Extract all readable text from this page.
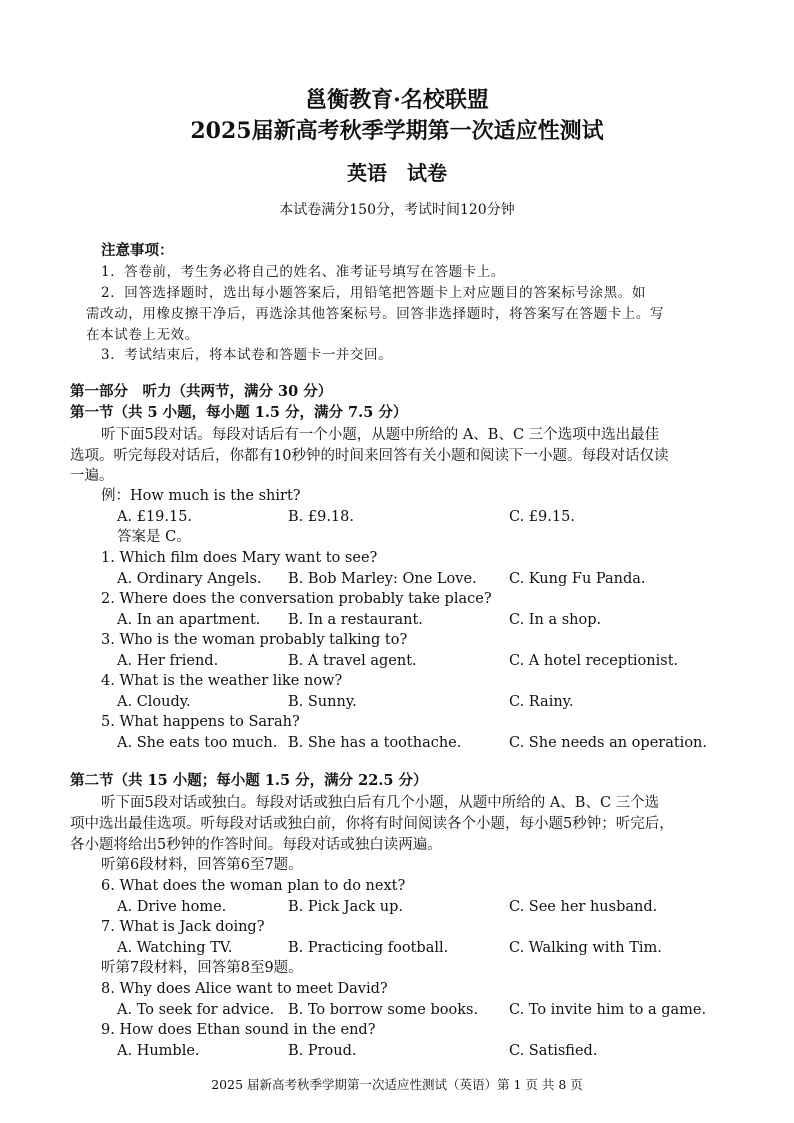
邕衡教育·名校联盟
2025届新高考秋季学期第一次适应性测试
英语　试卷
本试卷满分150分，考试时间120分钟
注意事项：
1．答卷前，考生务必将自己的姓名、准考证号填写在答题卡上。
2．回答选择题时，选出每小题答案后，用铅笔把答题卡上对应题目的答案标号涂黑。如
需改动，用橡皮擦干净后，再选涂其他答案标号。回答非选择题时，将答案写在答题卡上。写
在本试卷上无效。
3．考试结束后，将本试卷和答题卡一并交回。
第一部分　听力（共两节，满分 30 分）
第一节（共 5 小题，每小题 1.5 分，满分 7.5 分）
听下面5段对话。每段对话后有一个小题，从题中所给的 A、B、C 三个选项中选出最佳
选项。听完每段对话后，你都有10秒钟的时间来回答有关小题和阅读下一小题。每段对话仅读
一遍。
例：How much is the shirt?
A. £19.15.	B. £9.18.	C. £9.15.
答案是 C。
1. Which film does Mary want to see?
A. Ordinary Angels. B. Bob Marley: One Love. C. Kung Fu Panda.
2. Where does the conversation probably take place?
A. In an apartment. B. In a restaurant.	C. In a shop.
3. Who is the woman probably talking to?
A. Her friend.	B. A travel agent.	C. A hotel receptionist.
4. What is the weather like now?
A. Cloudy.	B. Sunny.	C. Rainy.
5. What happens to Sarah?
A. She eats too much. B. She has a toothache.	C. She needs an operation.
第二节（共 15 小题；每小题 1.5 分，满分 22.5 分）
听下面5段对话或独白。每段对话或独白后有几个小题，从题中所给的 A、B、C 三个选
项中选出最佳选项。听每段对话或独白前，你将有时间阅读各个小题，每小题5秒钟；听完后，
各小题将给出5秒钟的作答时间。每段对话或独白读两遍。
听第6段材料，回答第6至7题。
6. What does the woman plan to do next?
A. Drive home.	B. Pick Jack up.	C. See her husband.
7. What is Jack doing?
A. Watching TV.	B. Practicing football.	C. Walking with Tim.
听第7段材料，回答第8至9题。
8. Why does Alice want to meet David?
A. To seek for advice. B. To borrow some books. C. To invite him to a game.
9. How does Ethan sound in the end?
A. Humble.	B. Proud.	C. Satisfied.
2025 届新高考秋季学期第一次适应性测试（英语）第 1 页 共 8 页
